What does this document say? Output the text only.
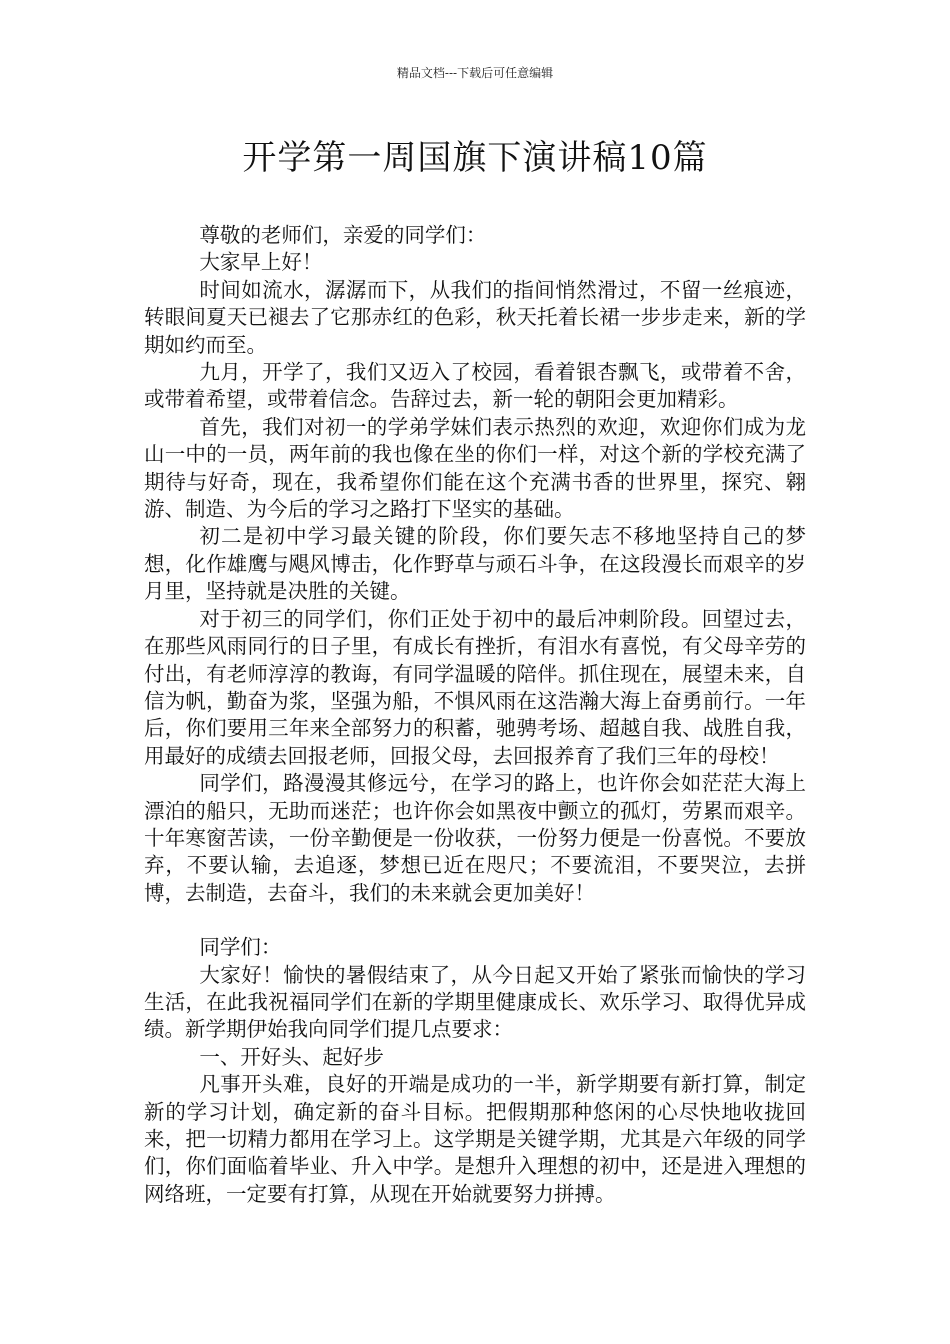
精品文档---下载后可任意编辑
开学第一周国旗下演讲稿10篇

尊敬的老师们，亲爱的同学们：

大家早上好！

时间如流水，潺潺而下，从我们的指间悄然滑过，不留一丝痕迹，转眼间夏天已褪去了它那赤红的色彩，秋天托着长裙一步步走来，新的学期如约而至。

九月，开学了，我们又迈入了校园，看着银杏飘飞，或带着不舍，或带着希望，或带着信念。告辞过去，新一轮的朝阳会更加精彩。

首先，我们对初一的学弟学妹们表示热烈的欢迎，欢迎你们成为龙山一中的一员，两年前的我也像在坐的你们一样，对这个新的学校充满了期待与好奇，现在，我希望你们能在这个充满书香的世界里，探究、翱游、制造、为今后的学习之路打下坚实的基础。

初二是初中学习最关键的阶段，你们要矢志不移地坚持自己的梦想，化作雄鹰与飓风博击，化作野草与顽石斗争，在这段漫长而艰辛的岁月里，坚持就是决胜的关键。

对于初三的同学们，你们正处于初中的最后冲刺阶段。回望过去，在那些风雨同行的日子里，有成长有挫折，有泪水有喜悦，有父母辛劳的付出，有老师淳淳的教诲，有同学温暖的陪伴。抓住现在，展望未来，自信为帆，勤奋为浆，坚强为船，不惧风雨在这浩瀚大海上奋勇前行。一年后，你们要用三年来全部努力的积蓄，驰骋考场、超越自我、战胜自我，用最好的成绩去回报老师，回报父母，去回报养育了我们三年的母校！

同学们，路漫漫其修远兮，在学习的路上，也许你会如茫茫大海上漂泊的船只，无助而迷茫；也许你会如黑夜中颤立的孤灯，劳累而艰辛。十年寒窗苦读，一份辛勤便是一份收获，一份努力便是一份喜悦。不要放弃，不要认输，去追逐，梦想已近在咫尺；不要流泪，不要哭泣，去拼博，去制造，去奋斗，我们的未来就会更加美好！

同学们：

大家好！愉快的暑假结束了，从今日起又开始了紧张而愉快的学习生活，在此我祝福同学们在新的学期里健康成长、欢乐学习、取得优异成绩。新学期伊始我向同学们提几点要求：

一、开好头、起好步

凡事开头难，良好的开端是成功的一半，新学期要有新打算，制定新的学习计划，确定新的奋斗目标。把假期那种悠闲的心尽快地收拢回来，把一切精力都用在学习上。这学期是关键学期，尤其是六年级的同学们，你们面临着毕业、升入中学。是想升入理想的初中，还是进入理想的网络班，一定要有打算，从现在开始就要努力拼搏。
